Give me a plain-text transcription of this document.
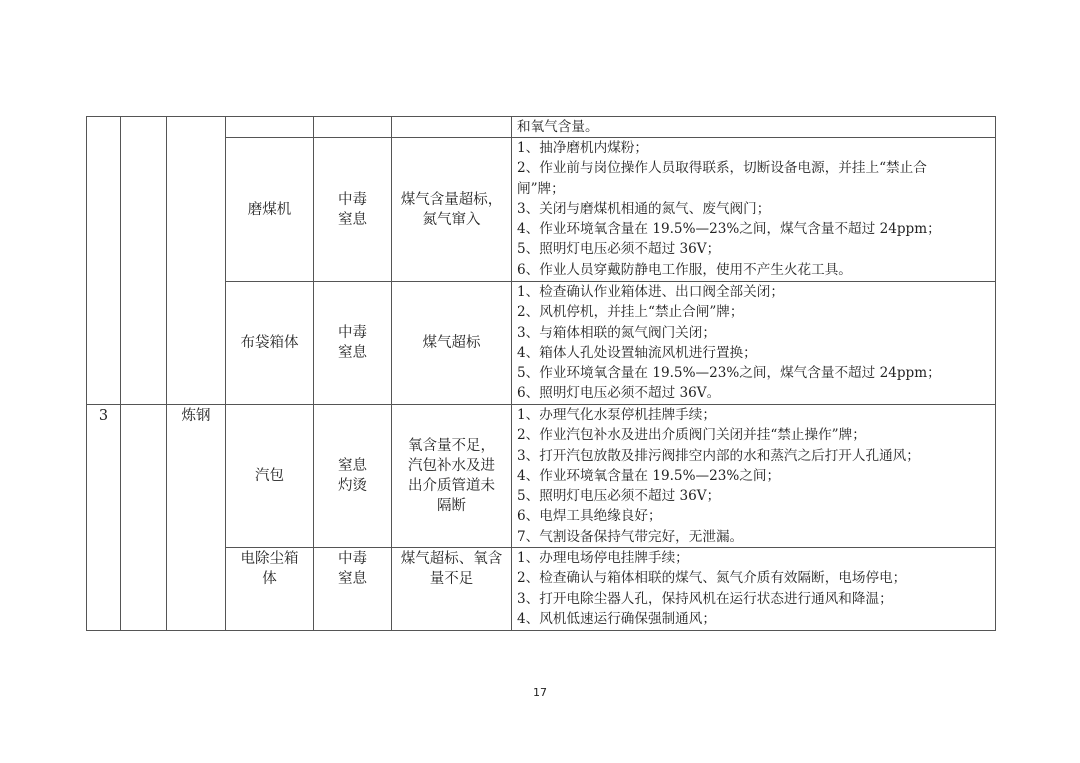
3	炼钢
和氧气含量。
磨煤机
中毒
窒息
煤气含量超标，
氮气窜入
1、抽净磨机内煤粉；
2、作业前与岗位操作人员取得联系，切断设备电源，并挂上“禁止合
闸”牌；
3、关闭与磨煤机相通的氮气、废气阀门；
4、作业环境氧含量在 19.5%—23%之间，煤气含量不超过 24ppm；
5、照明灯电压必须不超过 36V；
6、作业人员穿戴防静电工作服，使用不产生火花工具。
布袋箱体
中毒
窒息
煤气超标
1、检查确认作业箱体进、出口阀全部关闭；
2、风机停机，并挂上“禁止合闸”牌；
3、与箱体相联的氮气阀门关闭；
4、箱体人孔处设置轴流风机进行置换；
5、作业环境氧含量在 19.5%—23%之间，煤气含量不超过 24ppm；
6、照明灯电压必须不超过 36V。
汽包
窒息
灼烫
氧含量不足，
汽包补水及进
出介质管道未
隔断
1、办理气化水泵停机挂牌手续；
2、作业汽包补水及进出介质阀门关闭并挂“禁止操作”牌；
3、打开汽包放散及排污阀排空内部的水和蒸汽之后打开人孔通风；
4、作业环境氧含量在 19.5%—23%之间；
5、照明灯电压必须不超过 36V；
6、电焊工具绝缘良好；
7、气割设备保持气带完好，无泄漏。
电除尘箱
体
中毒
窒息
煤气超标、氧含
量不足
1、办理电场停电挂牌手续；
2、检查确认与箱体相联的煤气、氮气介质有效隔断，电场停电；
3、打开电除尘器人孔，保持风机在运行状态进行通风和降温；
4、风机低速运行确保强制通风；
17
